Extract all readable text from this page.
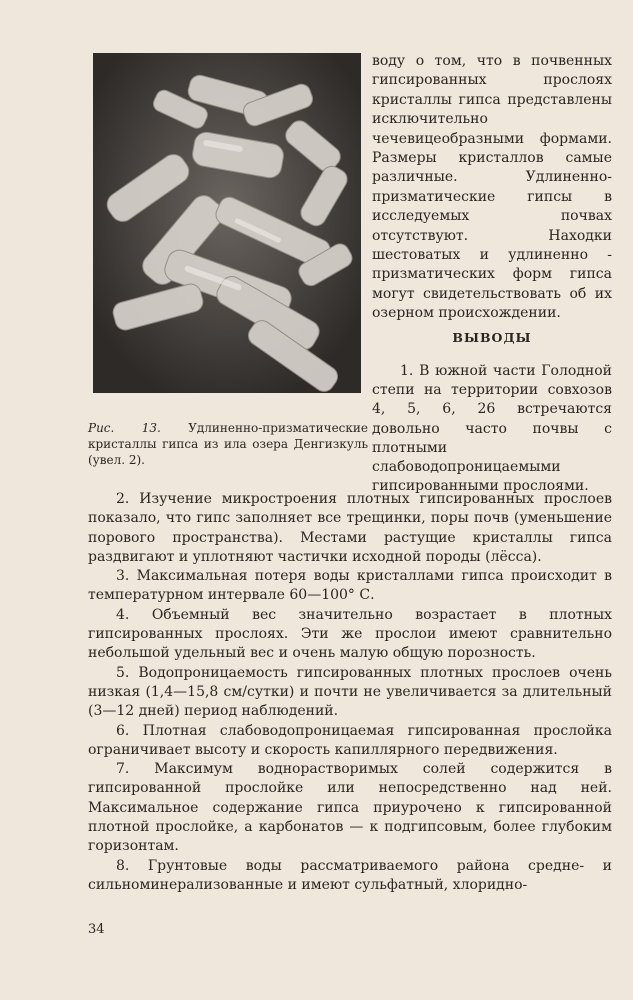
воду о том, что в почвенных гипсированных прослоях кристаллы гипса представлены исключительно чечевицеобразными формами. Размеры кристаллов самые различные. Удлиненно-призматические гипсы в исследуемых почвах отсутствуют. Находки шестоватых и удлиненно - призматических форм гипса могут свидетельствовать об их озерном происхождении.

Рис. 13. Удлиненно-призматические кристаллы гипса из ила озера Денгизкуль (увел. 2).
ВЫВОДЫ
1. В южной части Голодной степи на территории совхозов 4, 5, 6, 26 встречаются довольно часто почвы с плотными слабоводопроницаемыми гипсированными прослоями.

2. Изучение микростроения плотных гипсированных прослоев показало, что гипс заполняет все трещинки, поры почв (уменьшение порового пространства). Местами растущие кристаллы гипса раздвигают и уплотняют частички исходной породы (лёсса).

3. Максимальная потеря воды кристаллами гипса происходит в температурном интервале 60—100° С.

4. Объемный вес значительно возрастает в плотных гипсированных прослоях. Эти же прослои имеют сравнительно небольшой удельный вес и очень малую общую порозность.

5. Водопроницаемость гипсированных плотных прослоев очень низкая (1,4—15,8 см/сутки) и почти не увеличивается за длительный (3—12 дней) период наблюдений.

6. Плотная слабоводопроницаемая гипсированная прослойка ограничивает высоту и скорость капиллярного передвижения.

7. Максимум воднорастворимых солей содержится в гипсированной прослойке или непосредственно над ней. Максимальное содержание гипса приурочено к гипсированной плотной прослойке, а карбонатов — к подгипсовым, более глубоким горизонтам.

8. Грунтовые воды рассматриваемого района средне- и сильноминерализованные и имеют сульфатный, хлоридно-

34
